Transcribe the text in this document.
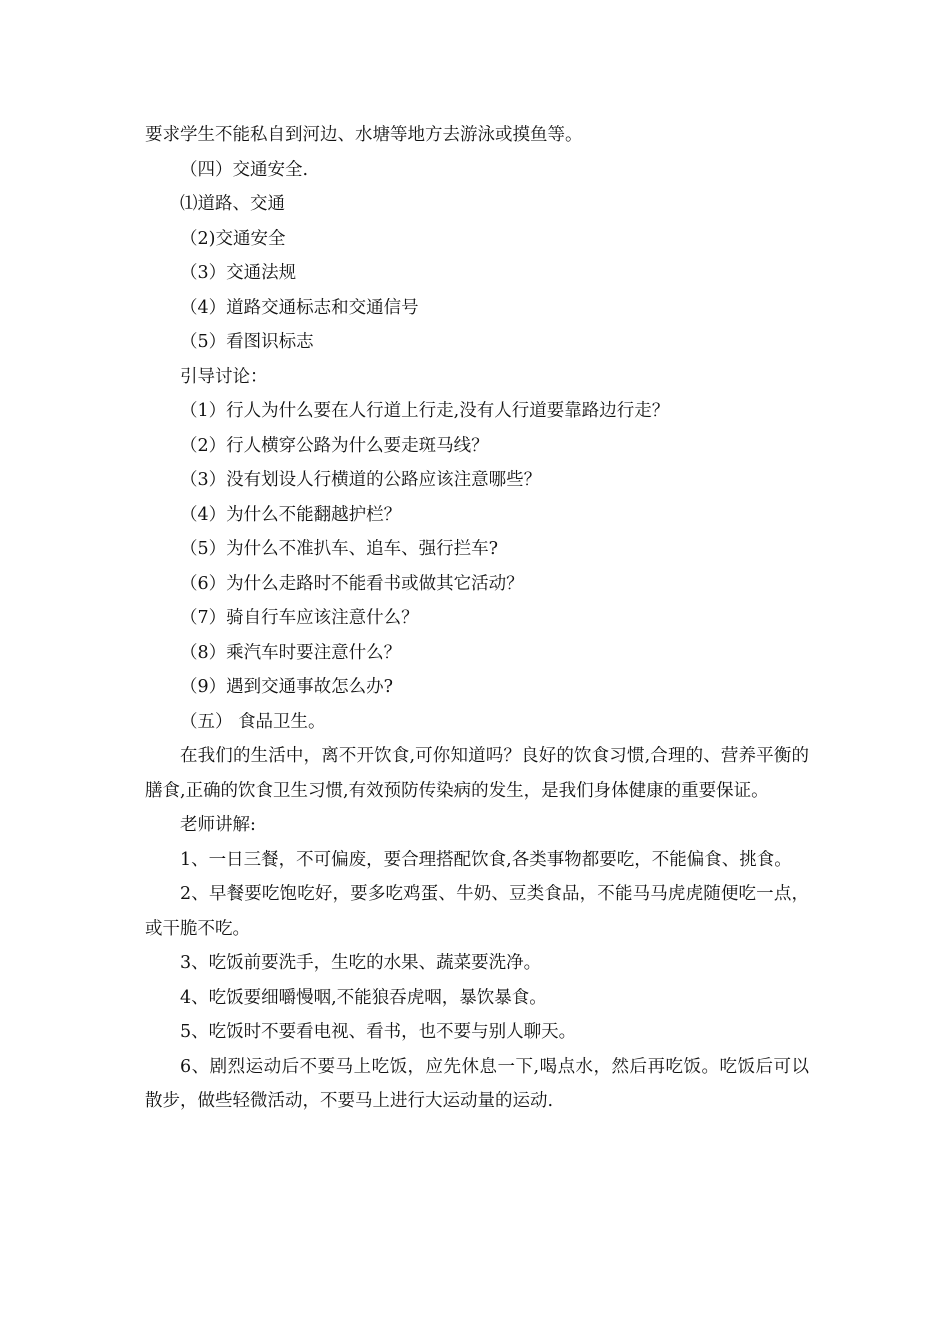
要求学生不能私自到河边、水塘等地方去游泳或摸鱼等。

（四）交通安全.

⑴道路、交通

（2)交通安全

（3）交通法规

（4）道路交通标志和交通信号

（5）看图识标志

引导讨论：

（1）行人为什么要在人行道上行走,没有人行道要靠路边行走？

（2）行人横穿公路为什么要走斑马线？

（3）没有划设人行横道的公路应该注意哪些？

（4）为什么不能翻越护栏？

（5）为什么不准扒车、追车、强行拦车?

（6）为什么走路时不能看书或做其它活动？

（7）骑自行车应该注意什么？

（8）乘汽车时要注意什么？

（9）遇到交通事故怎么办?

（五） 食品卫生。

在我们的生活中，离不开饮食,可你知道吗？良好的饮食习惯,合理的、营养平衡的膳食,正确的饮食卫生习惯,有效预防传染病的发生，是我们身体健康的重要保证。

老师讲解:

1、一日三餐，不可偏废，要合理搭配饮食,各类事物都要吃，不能偏食、挑食。

2、早餐要吃饱吃好，要多吃鸡蛋、牛奶、豆类食品，不能马马虎虎随便吃一点，或干脆不吃。

3、吃饭前要洗手，生吃的水果、蔬菜要洗净。

4、吃饭要细嚼慢咽,不能狼吞虎咽，暴饮暴食。

5、吃饭时不要看电视、看书，也不要与别人聊天。

6、剧烈运动后不要马上吃饭，应先休息一下,喝点水，然后再吃饭。吃饭后可以散步，做些轻微活动，不要马上进行大运动量的运动.
